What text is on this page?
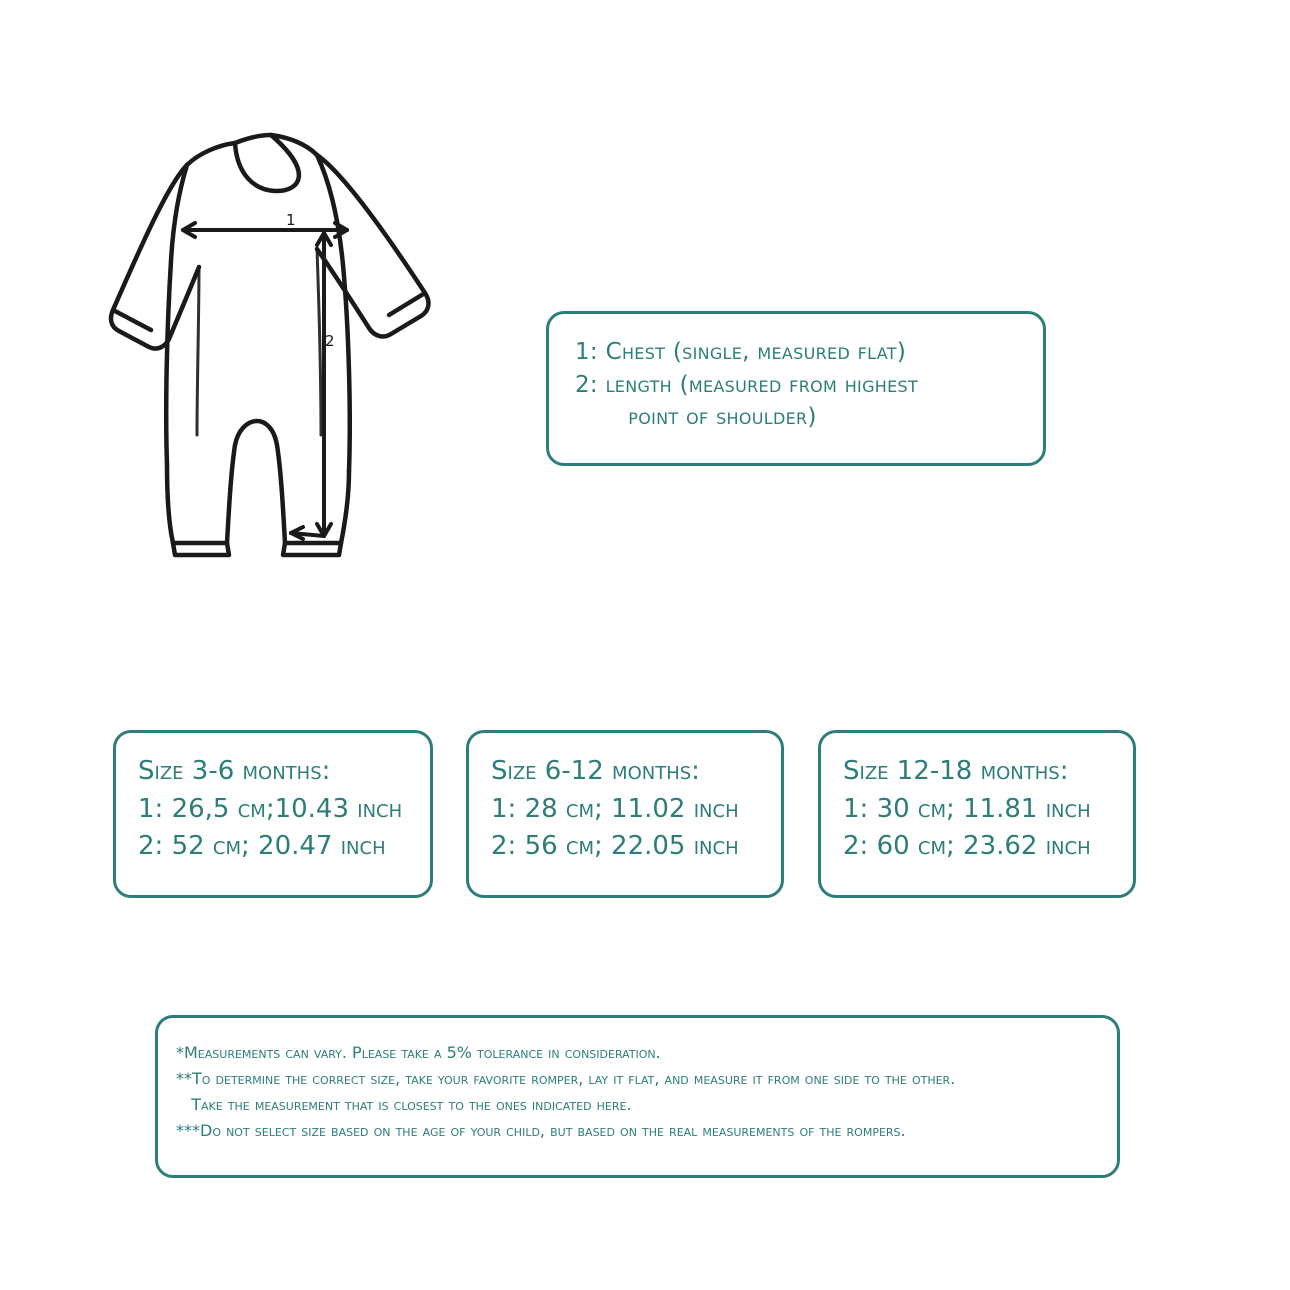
1
2	1: Chest (single, measured flat)
2: length (measured from highest
point of shoulder)
Size 3-6 months:
1: 26,5 cm;10.43 inch
2: 52 cm; 20.47 inch
Size 6-12 months:
1: 28 cm; 11.02 inch
2: 56 cm; 22.05 inch
Size 12-18 months:
1: 30 cm; 11.81 inch
2: 60 cm; 23.62 inch
*Measurements can vary. Please take a 5% tolerance in consideration.
**To determine the correct size, take your favorite romper, lay it flat, and measure it from one side to the other.
Take the measurement that is closest to the ones indicated here.
***Do not select size based on the age of your child, but based on the real measurements of the rompers.
